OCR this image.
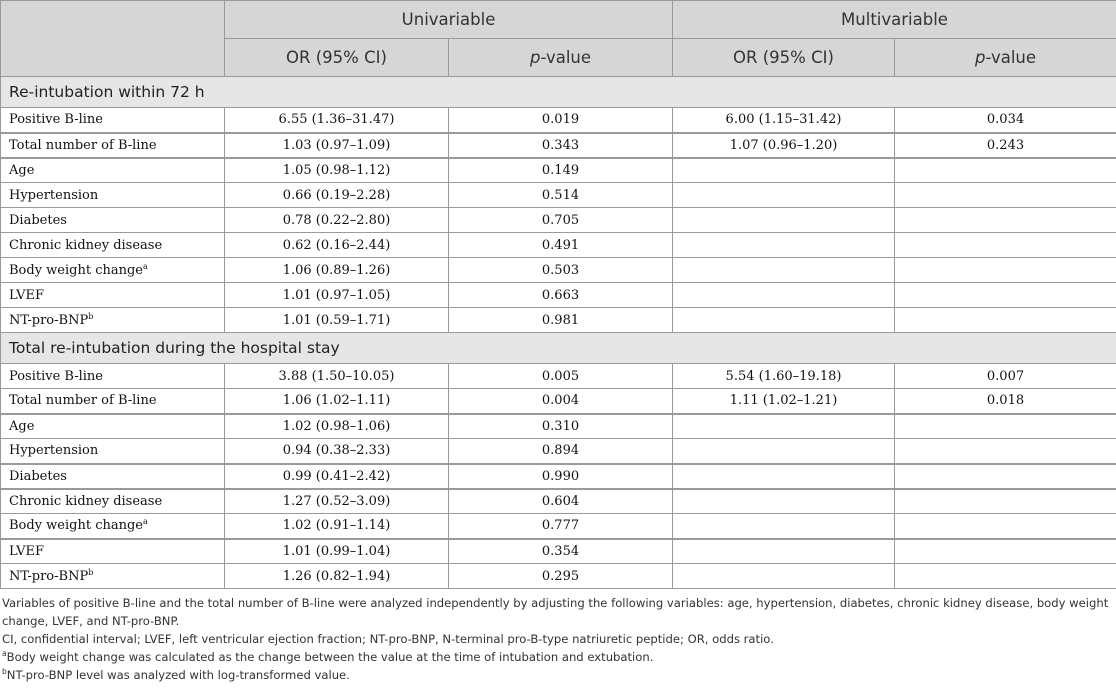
	Univariable		Multivariable	
	OR (95% CI)	p-value	OR (95% CI)	p-value
Re-intubation within 72 h				
Positive B-line	6.55 (1.36–31.47)	0.019	6.00 (1.15–31.42)	0.034
Total number of B-line	1.03 (0.97–1.09)	0.343	1.07 (0.96–1.20)	0.243
Age	1.05 (0.98–1.12)	0.149		
Hypertension	0.66 (0.19–2.28)	0.514		
Diabetes	0.78 (0.22–2.80)	0.705		
Chronic kidney disease	0.62 (0.16–2.44)	0.491		
Body weight change$^a$	1.06 (0.89–1.26)	0.503		
LVEF	1.01 (0.97–1.05)	0.663		
NT-pro-BNP$^b$	1.01 (0.59–1.71)	0.981		
Total re-intubation during the hospital stay				
Positive B-line	3.88 (1.50–10.05)	0.005	5.54 (1.60–19.18)	0.007
Total number of B-line	1.06 (1.02–1.11)	0.004	1.11 (1.02–1.21)	0.018
Age	1.02 (0.98–1.06)	0.310		
Hypertension	0.94 (0.38–2.33)	0.894		
Diabetes	0.99 (0.41–2.42)	0.990		
Chronic kidney disease	1.27 (0.52–3.09)	0.604		
Body weight change$^a$	1.02 (0.91–1.14)	0.777		
LVEF	1.01 (0.99–1.04)	0.354		
NT-pro-BNP$^b$	1.26 (0.82–1.94)	0.295		

Variables of positive B-line and the total number of B-line were analyzed independently by adjusting the following variables: age, hypertension, diabetes, chronic kidney disease, body weight change, LVEF, and NT-pro-BNP.

CI, confidential interval; LVEF, left ventricular ejection fraction; NT-pro-BNP, N-terminal pro-B-type natriuretic peptide; OR, odds ratio.

$^a$Body weight change was calculated as the change between the value at the time of intubation and extubation.

$^b$NT-pro-BNP level was analyzed with log-transformed value.
